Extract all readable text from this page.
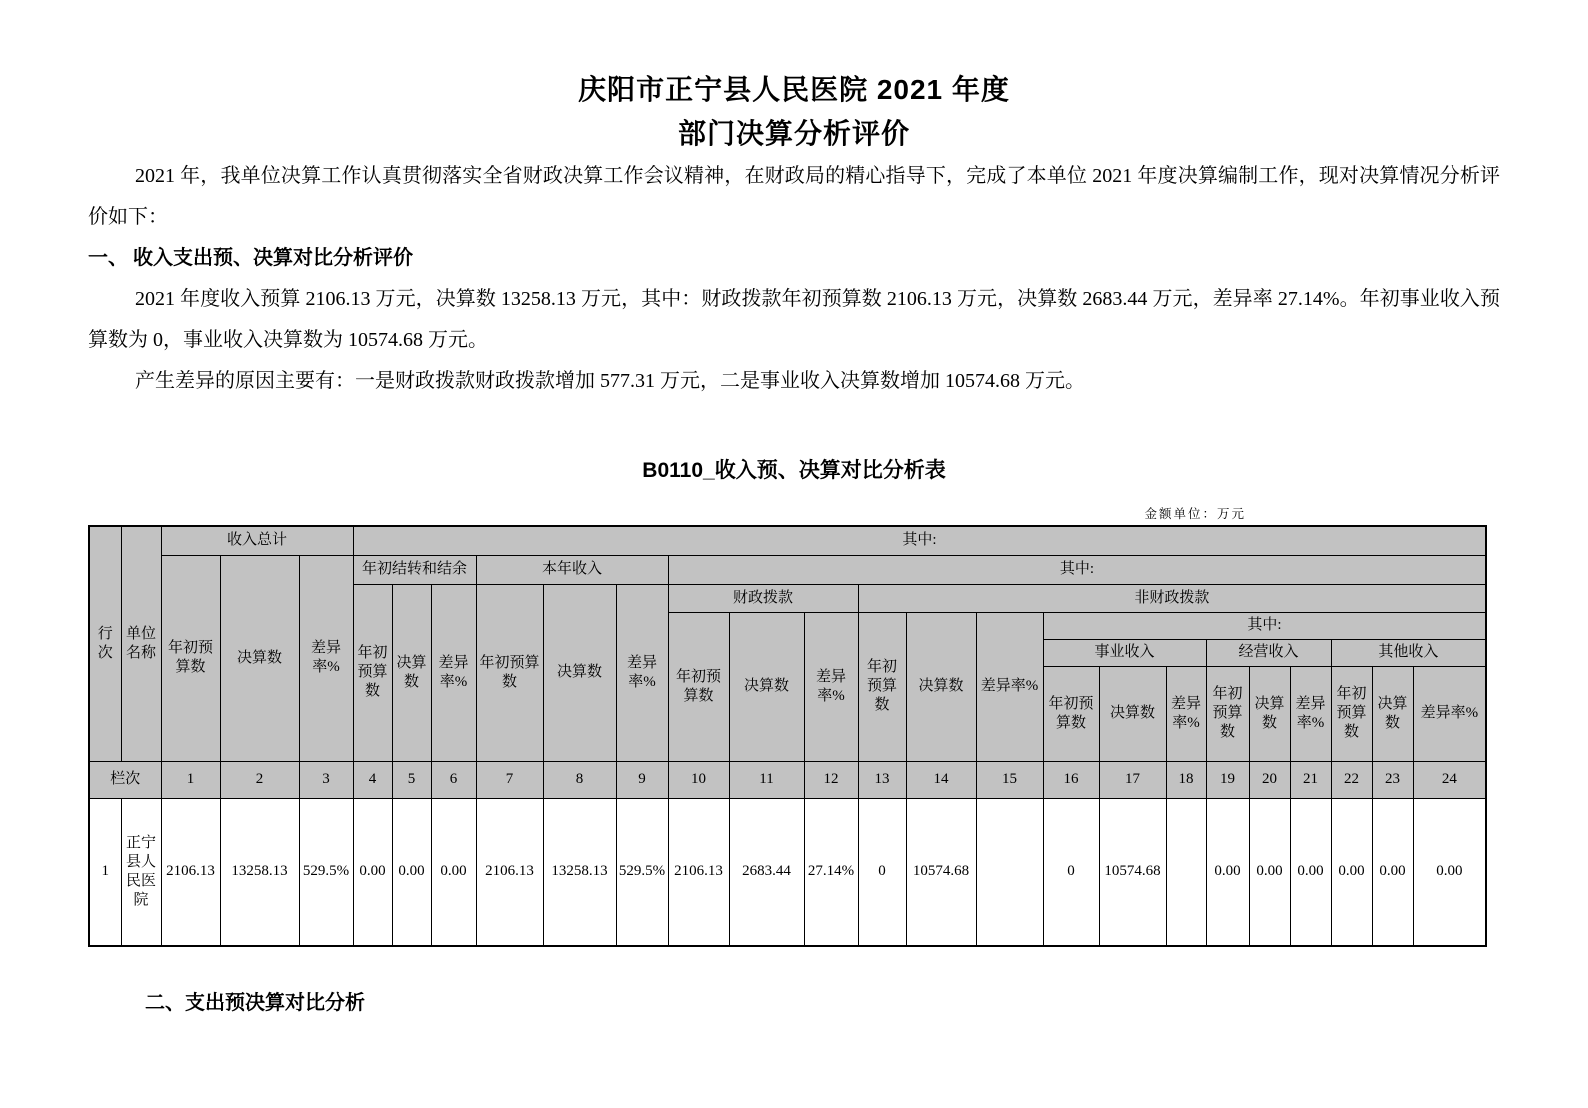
庆阳市正宁县人民医院 2021 年度
部门决算分析评价

2021 年，我单位决算工作认真贯彻落实全省财政决算工作会议精神，在财政局的精心指导下，完成了本单位 2021 年度决算编制工作，现对决算情况分析评价如下：

一、 收入支出预、决算对比分析评价

2021 年度收入预算 2106.13 万元，决算数 13258.13 万元，其中：财政拨款年初预算数 2106.13 万元，决算数 2683.44 万元，差异率 27.14%。年初事业收入预算数为 0，事业收入决算数为 10574.68 万元。

产生差异的原因主要有：一是财政拨款财政拨款增加 577.31 万元，二是事业收入决算数增加 10574.68 万元。

B0110_收入预、决算对比分析表

金额单位：万元

行次	单位名称	收入总计			其中:																				
		年初预算数	决算数	差异率%	年初结转和结余			本年收入			其中:														
					年初预算数	决算数	差异率%	年初预算数	决算数	差异率%	财政拨款			非财政拨款											
											年初预算数	决算数	差异率%	年初预算数	决算数	差异率%	其中:								
																	事业收入			经营收入			其他收入		
																	年初预算数	决算数	差异率%	年初预算数	决算数	差异率%	年初预算数	决算数	差异率%
栏次		1	2	3	4	5	6	7	8	9	10	11	12	13	14	15	16	17	18	19	20	21	22	23	24
1	正宁县人民医院	2106.13	13258.13	529.5%	0.00	0.00	0.00	2106.13	13258.13	529.5%	2106.13	2683.44	27.14%	0	10574.68		0	10574.68		0.00	0.00	0.00	0.00	0.00	0.00

二、支出预决算对比分析
